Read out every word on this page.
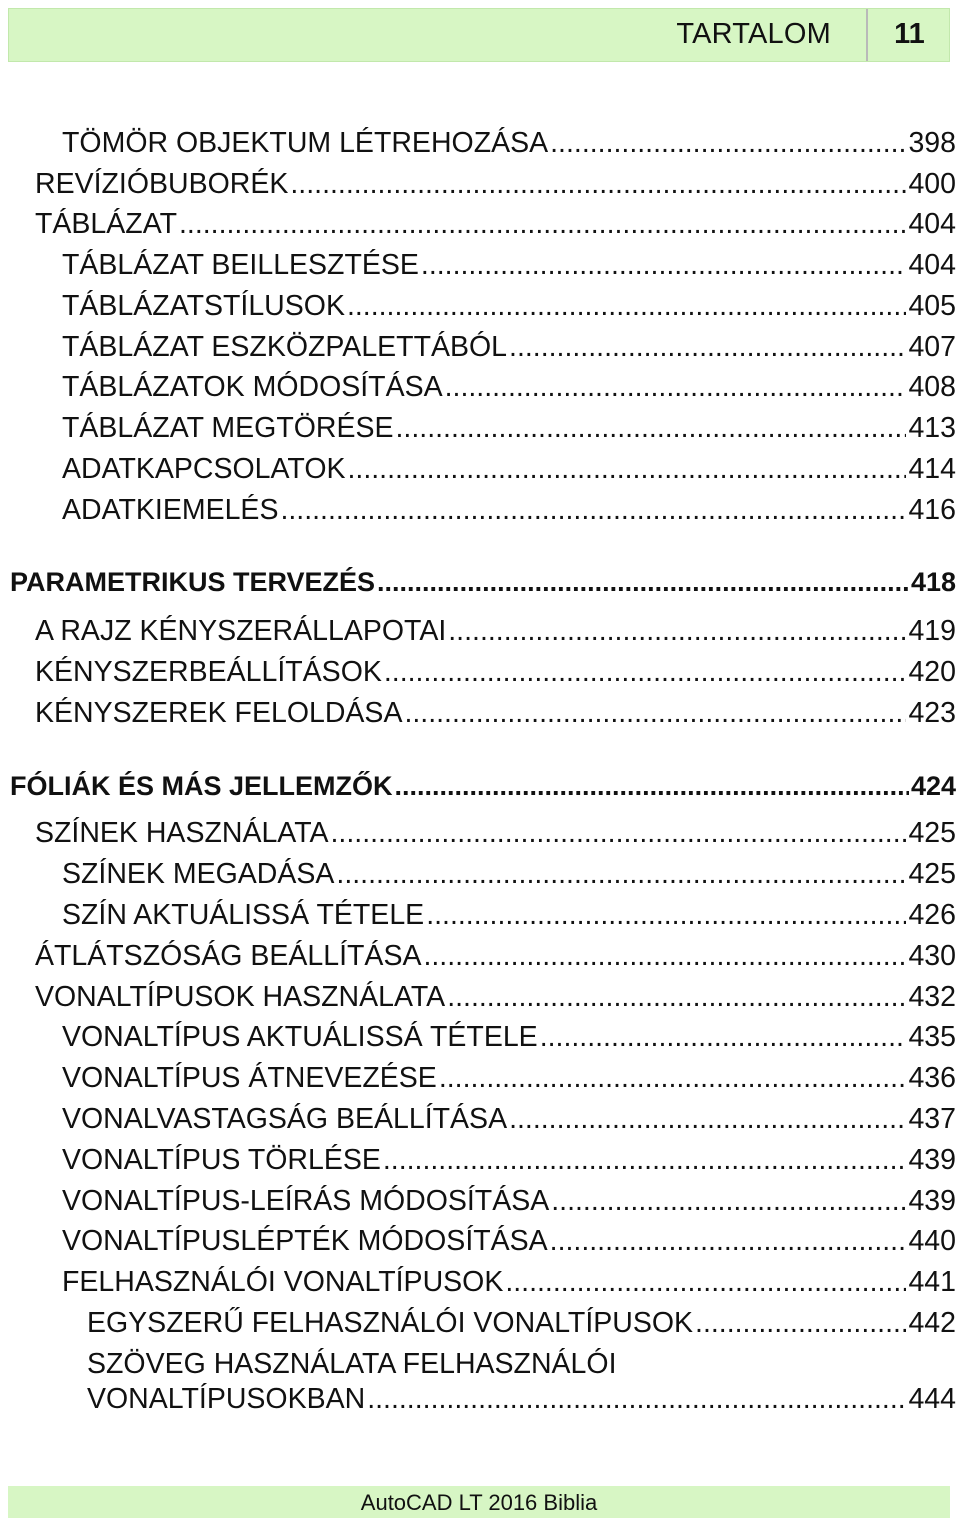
TARTALOM	11
TÖMÖR OBJEKTUM LÉTREHOZÁSA .....	398
REVÍZIÓBUBORÉK .....	400
TÁBLÁZAT .....	404
TÁBLÁZAT BEILLESZTÉSE .....	404
TÁBLÁZATSTÍLUSOK .....	405
TÁBLÁZAT ESZKÖZPALETTÁBÓL .....	407
TÁBLÁZATOK MÓDOSÍTÁSA .....	408
TÁBLÁZAT MEGTÖRÉSE .....	413
ADATKAPCSOLATOK .....	414
ADATKIEMELÉS .....	416
PARAMETRIKUS TERVEZÉS .....	418
A RAJZ KÉNYSZERÁLLAPOTAI .....	419
KÉNYSZERBEÁLLÍTÁSOK .....	420
KÉNYSZEREK FELOLDÁSA .....	423
FÓLIÁK ÉS MÁS JELLEMZŐK .....	424
SZÍNEK HASZNÁLATA .....	425
SZÍNEK MEGADÁSA .....	425
SZÍN AKTUÁLISSÁ TÉTELE .....	426
ÁTLÁTSZÓSÁG BEÁLLÍTÁSA .....	430
VONALTÍPUSOK HASZNÁLATA .....	432
VONALTÍPUS AKTUÁLISSÁ TÉTELE .....	435
VONALTÍPUS ÁTNEVEZÉSE .....	436
VONALVASTAGSÁG BEÁLLÍTÁSA .....	437
VONALTÍPUS TÖRLÉSE .....	439
VONALTÍPUS-LEÍRÁS MÓDOSÍTÁSA .....	439
VONALTÍPUSLÉPTÉK MÓDOSÍTÁSA .....	440
FELHASZNÁLÓI VONALTÍPUSOK .....	441
EGYSZERŰ FELHASZNÁLÓI VONALTÍPUSOK .....	442
SZÖVEG HASZNÁLATA FELHASZNÁLÓI
VONALTÍPUSOKBAN .....	444
AutoCAD LT 2016 Biblia
